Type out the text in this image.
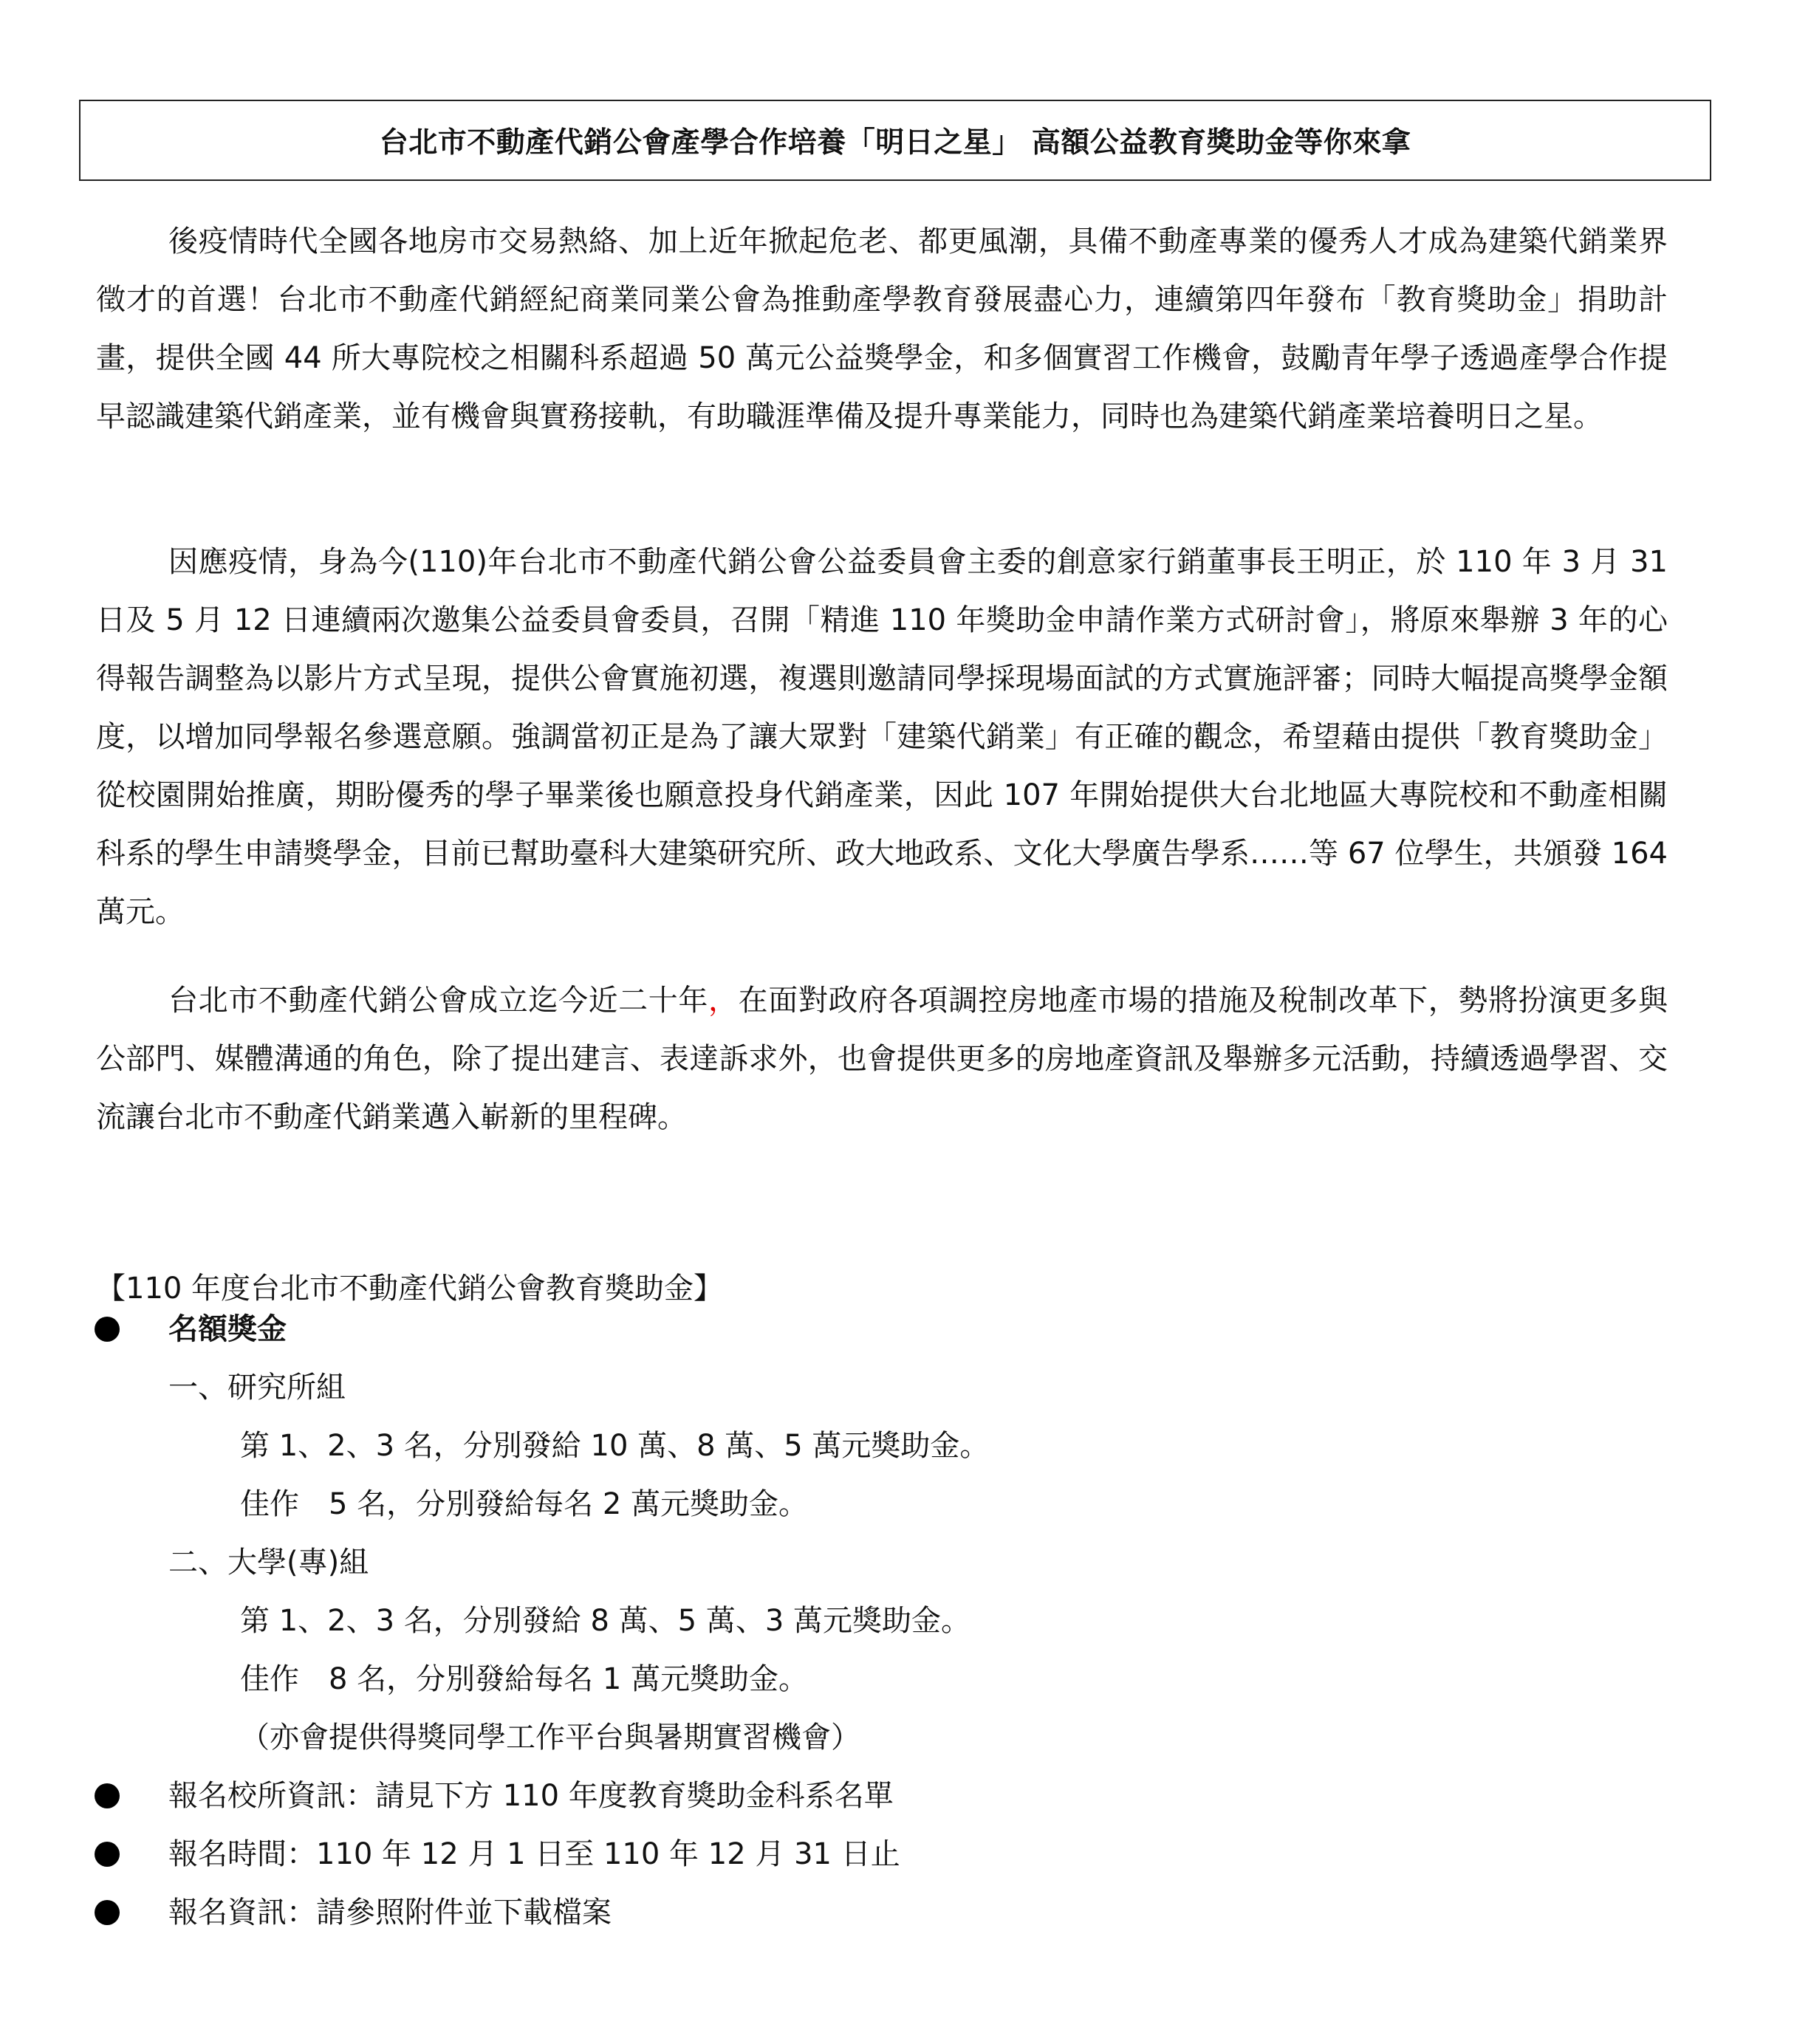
台北市不動產代銷公會產學合作培養「明日之星」 高額公益教育獎助金等你來拿

後疫情時代全國各地房市交易熱絡、加上近年掀起危老、都更風潮，具備不動產專業的優秀人才成為建築代銷業界徵才的首選！台北市不動產代銷經紀商業同業公會為推動產學教育發展盡心力，連續第四年發布「教育獎助金」捐助計畫，提供全國 44 所大專院校之相關科系超過 50 萬元公益獎學金，和多個實習工作機會，鼓勵青年學子透過產學合作提早認識建築代銷產業，並有機會與實務接軌，有助職涯準備及提升專業能力，同時也為建築代銷產業培養明日之星。

因應疫情，身為今(110)年台北市不動產代銷公會公益委員會主委的創意家行銷董事長王明正，於 110 年 3 月 31 日及 5 月 12 日連續兩次邀集公益委員會委員，召開「精進 110 年獎助金申請作業方式研討會」，將原來舉辦 3 年的心得報告調整為以影片方式呈現，提供公會實施初選，複選則邀請同學採現場面試的方式實施評審；同時大幅提高獎學金額度，以增加同學報名參選意願。強調當初正是為了讓大眾對「建築代銷業」有正確的觀念，希望藉由提供「教育獎助金」從校園開始推廣，期盼優秀的學子畢業後也願意投身代銷產業，因此 107 年開始提供大台北地區大專院校和不動產相關科系的學生申請獎學金，目前已幫助臺科大建築研究所、政大地政系、文化大學廣告學系……等 67 位學生，共頒發 164 萬元。

台北市不動產代銷公會成立迄今近二十年，在面對政府各項調控房地產市場的措施及稅制改革下，勢將扮演更多與公部門、媒體溝通的角色，除了提出建言、表達訴求外，也會提供更多的房地產資訊及舉辦多元活動，持續透過學習、交流讓台北市不動產代銷業邁入嶄新的里程碑。

【110 年度台北市不動產代銷公會教育獎助金】

名額獎金

一、研究所組

第 1、2、3 名，分別發給 10 萬、8 萬、5 萬元獎助金。

佳作　5 名，分別發給每名 2 萬元獎助金。

二、大學(專)組

第 1、2、3 名，分別發給 8 萬、5 萬、3 萬元獎助金。

佳作　8 名，分別發給每名 1 萬元獎助金。

（亦會提供得獎同學工作平台與暑期實習機會）

報名校所資訊：請見下方 110 年度教育獎助金科系名單

報名時間：110 年 12 月 1 日至 110 年 12 月 31 日止

報名資訊：請參照附件並下載檔案
